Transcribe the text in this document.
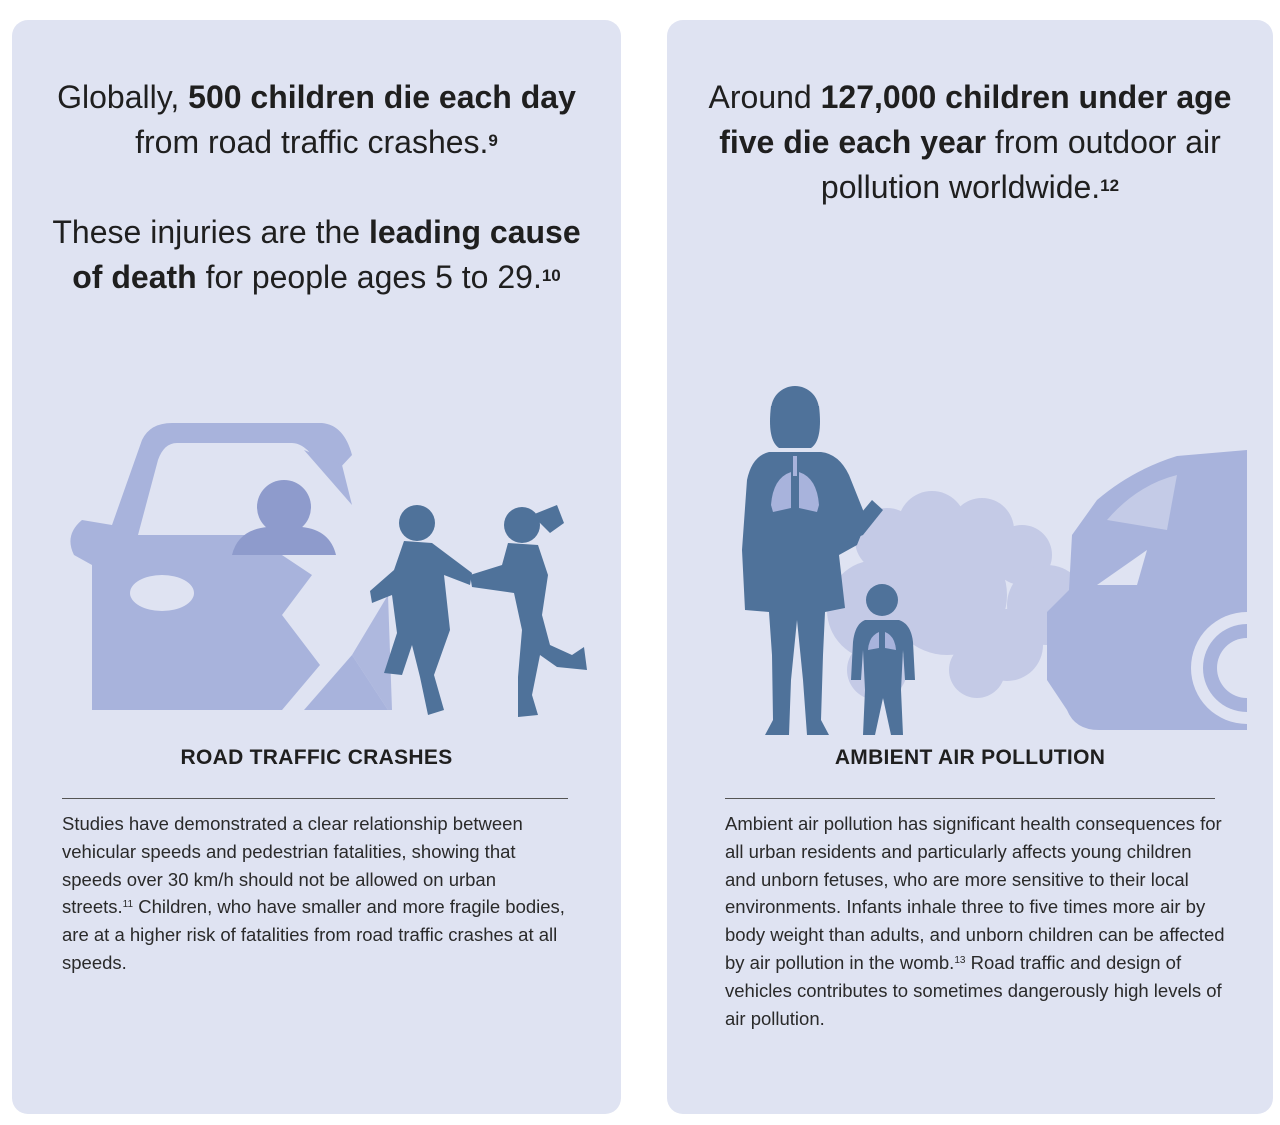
Globally, 500 children die each day from road traffic crashes.$^9$

These injuries are the leading cause of death for people ages 5 to 29.10

ROAD TRAFFIC CRASHES

Studies have demonstrated a clear relationship between vehicular speeds and pedestrian fatalities, showing that speeds over 30 km/h should not be allowed on urban streets.$^{11}$ Children, who have smaller and more fragile bodies, are at a higher risk of fatalities from road traffic crashes at all speeds.

Around 127,000 children under age five die each year from outdoor air pollution worldwide.$^{12}$

AMBIENT AIR POLLUTION

Ambient air pollution has significant health consequences for all urban residents and particularly affects young children and unborn fetuses, who are more sensitive to their local environments. Infants inhale three to five times more air by body weight than adults, and unborn children can be affected by air pollution in the womb.$^{13}$ Road traffic and design of vehicles contributes to sometimes dangerously high levels of air pollution.
